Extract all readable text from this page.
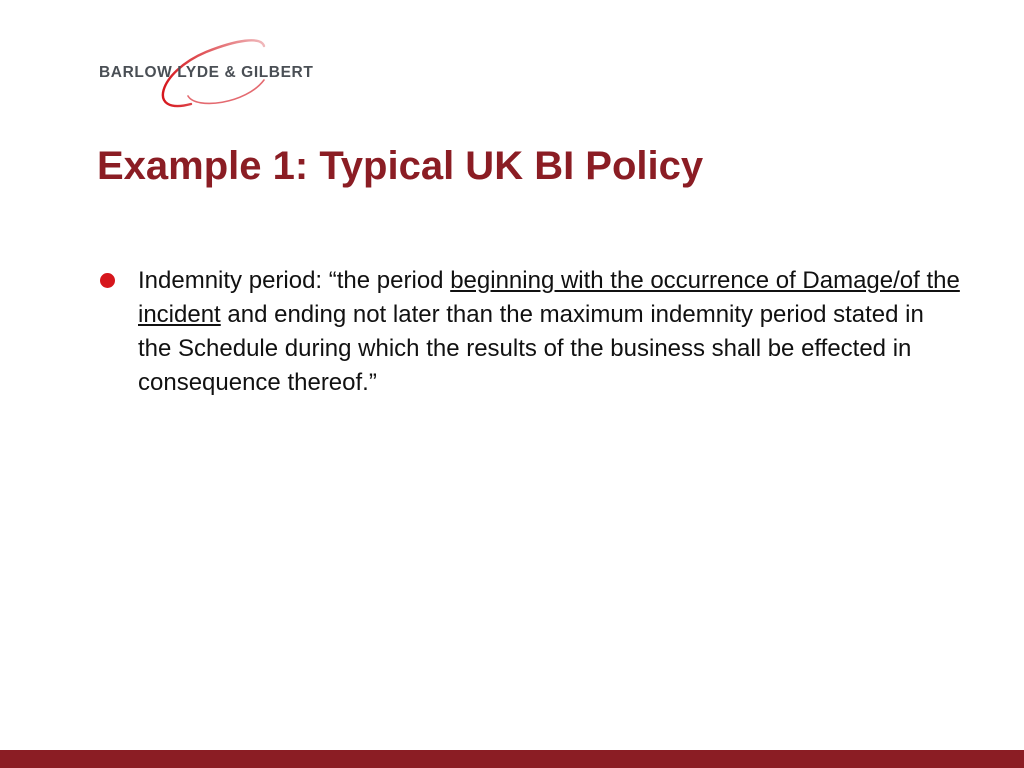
BARLOW LYDE & GILBERT
Example 1: Typical UK BI Policy
Indemnity period: “the period beginning with the occurrence of Damage/of the incident and ending not later than the maximum indemnity period stated in the Schedule during which the results of the business shall be effected in consequence thereof.”
